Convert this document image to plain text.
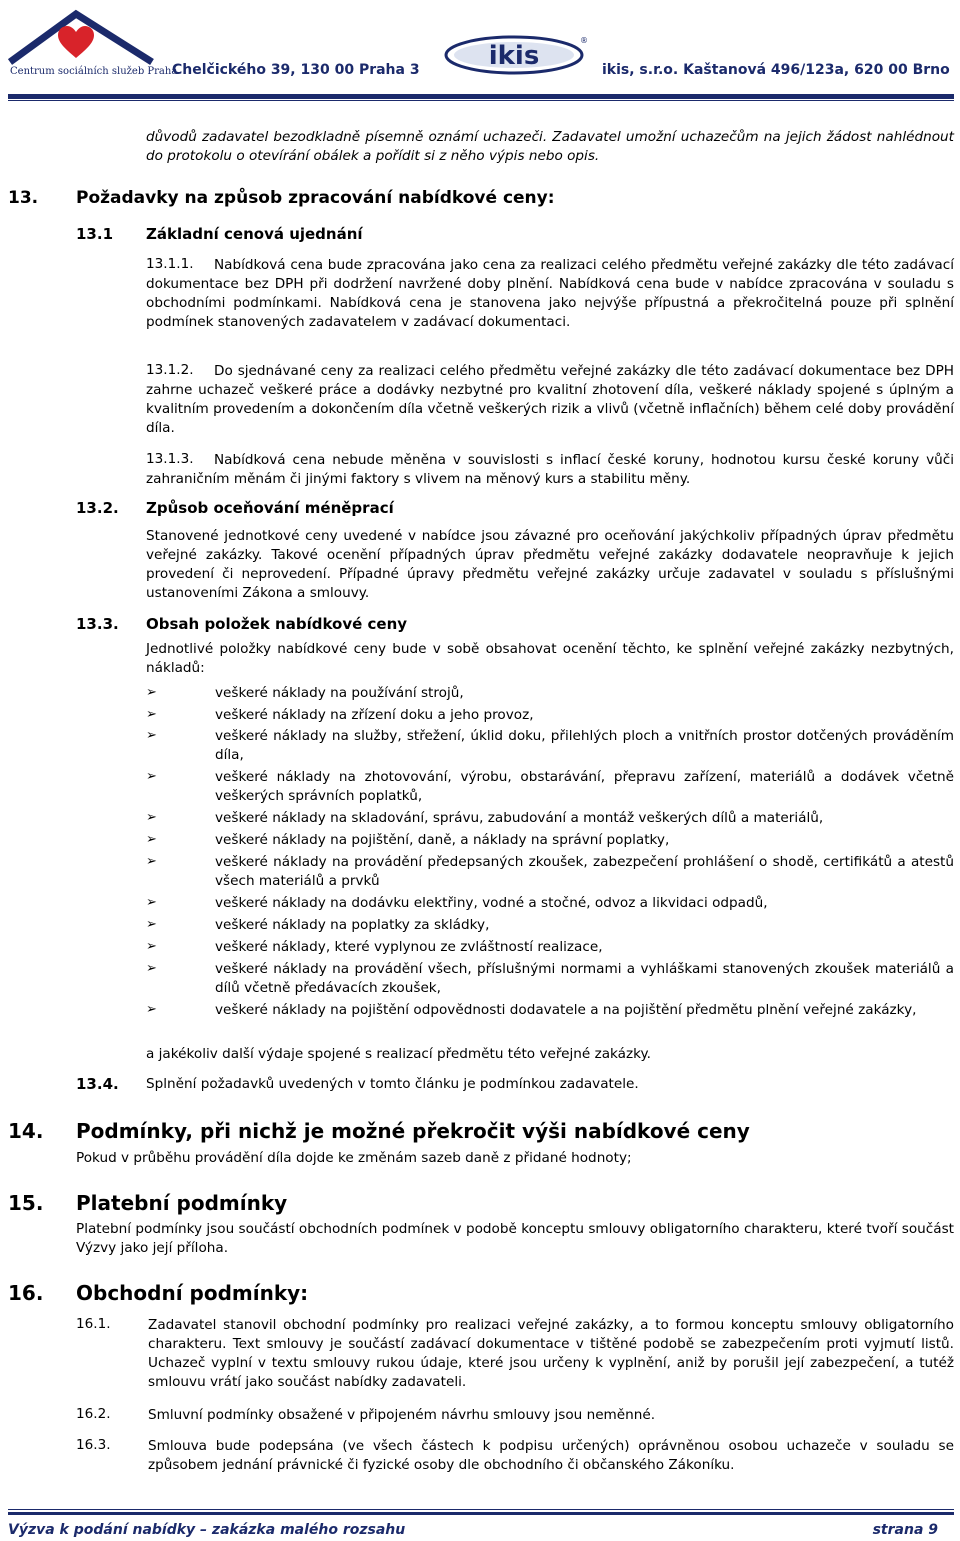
Centrum sociálních služeb Praha
Chelčického 39, 130 00 Praha 3	ikis
®
ikis, s.r.o. Kaštanová 496/123a, 620 00 Brno
důvodů zadavatel bezodkladně písemně oznámí uchazeči. Zadavatel umožní uchazečům na jejich žádost nahlédnout do protokolu o otevírání obálek a pořídit si z něho výpis nebo opis.
13. Požadavky na způsob zpracování nabídkové ceny:
13.1 Základní cenová ujednání
13.1.1.	Nabídková cena bude zpracována jako cena za realizaci celého předmětu veřejné zakázky dle této zadávací dokumentace bez DPH při dodržení navržené doby plnění. Nabídková cena bude v nabídce zpracována v souladu s obchodními podmínkami. Nabídková cena je stanovena jako nejvýše přípustná a překročitelná pouze při splnění podmínek stanovených zadavatelem v zadávací dokumentaci.
13.1.2.	Do sjednávané ceny za realizaci celého předmětu veřejné zakázky dle této zadávací dokumentace bez DPH zahrne uchazeč veškeré práce a dodávky nezbytné pro kvalitní zhotovení díla, veškeré náklady spojené s úplným a kvalitním provedením a dokončením díla včetně veškerých rizik a vlivů (včetně inflačních) během celé doby provádění díla.
13.1.3.	Nabídková cena nebude měněna v souvislosti s inflací české koruny, hodnotou kursu české koruny vůči zahraničním měnám či jinými faktory s vlivem na měnový kurs a stabilitu měny.
13.2. Způsob oceňování méněprací
Stanovené jednotkové ceny uvedené v nabídce jsou závazné pro oceňování jakýchkoliv případných úprav předmětu veřejné zakázky. Takové ocenění případných úprav předmětu veřejné zakázky dodavatele neopravňuje k jejich provedení či neprovedení. Případné úpravy předmětu veřejné zakázky určuje zadavatel v souladu s příslušnými ustanoveními Zákona a smlouvy.
13.3. Obsah položek nabídkové ceny
Jednotlivé položky nabídkové ceny bude v sobě obsahovat ocenění těchto, ke splnění veřejné zakázky nezbytných, nákladů:
➢	veškeré náklady na používání strojů,
➢	veškeré náklady na zřízení doku a jeho provoz,
➢	veškeré náklady na služby, střežení, úklid doku, přilehlých ploch a vnitřních prostor dotčených prováděním díla,
➢	veškeré náklady na zhotovování, výrobu, obstarávání, přepravu zařízení, materiálů a dodávek včetně veškerých správních poplatků,
➢	veškeré náklady na skladování, správu, zabudování a montáž veškerých dílů a materiálů,
➢	veškeré náklady na pojištění, daně, a náklady na správní poplatky,
➢	veškeré náklady na provádění předepsaných zkoušek, zabezpečení prohlášení o shodě, certifikátů a atestů všech materiálů a prvků
➢	veškeré náklady na dodávku elektřiny, vodné a stočné, odvoz a likvidaci odpadů,
➢	veškeré náklady na poplatky za skládky,
➢	veškeré náklady, které vyplynou ze zvláštností realizace,
➢	veškeré náklady na provádění všech, příslušnými normami a vyhláškami stanovených zkoušek materiálů a dílů včetně předávacích zkoušek,
➢	veškeré náklady na pojištění odpovědnosti dodavatele a na pojištění předmětu plnění veřejné zakázky,
a jakékoliv další výdaje spojené s realizací předmětu této veřejné zakázky.
13.4. Splnění požadavků uvedených v tomto článku je podmínkou zadavatele.
14. Podmínky, při nichž je možné překročit výši nabídkové ceny
Pokud v průběhu provádění díla dojde ke změnám sazeb daně z přidané hodnoty;
15. Platební podmínky
Platební podmínky jsou součástí obchodních podmínek v podobě konceptu smlouvy obligatorního charakteru, které tvoří součást Výzvy jako její příloha.
16. Obchodní podmínky:
16.1.	Zadavatel stanovil obchodní podmínky pro realizaci veřejné zakázky, a to formou konceptu smlouvy obligatorního charakteru. Text smlouvy je součástí zadávací dokumentace v tištěné podobě se zabezpečením proti vyjmutí listů. Uchazeč vyplní v textu smlouvy rukou údaje, které jsou určeny k vyplnění, aniž by porušil její zabezpečení, a tutéž smlouvu vrátí jako součást nabídky zadavateli.
16.2.	Smluvní podmínky obsažené v připojeném návrhu smlouvy jsou neměnné.
16.3.	Smlouva bude podepsána (ve všech částech k podpisu určených) oprávněnou osobou uchazeče v souladu se způsobem jednání právnické či fyzické osoby dle obchodního či občanského Zákoníku.
Výzva k podání nabídky – zakázka malého rozsahu	strana 9
